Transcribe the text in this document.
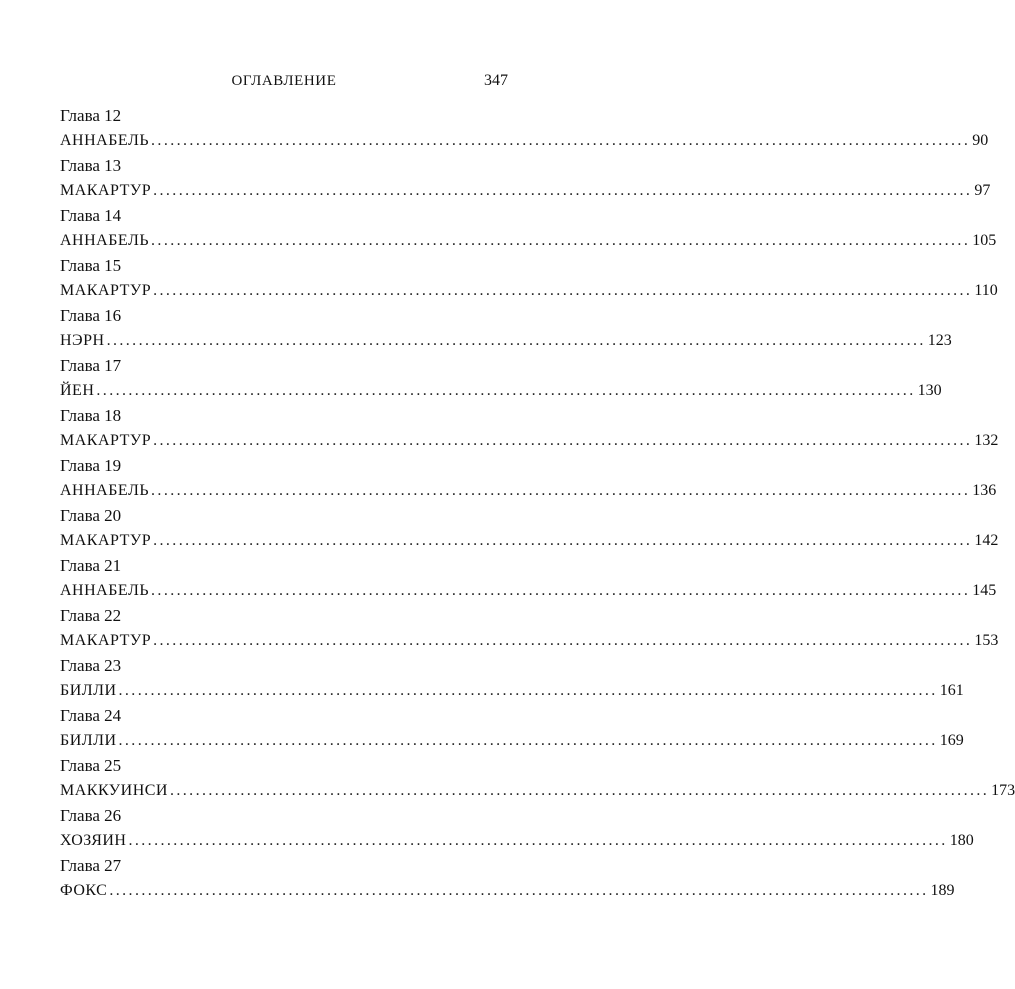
ОГЛАВЛЕНИЕ	347
Глава 12
АННАБЕЛЬ ................................................................................................................................ 90
Глава 13
МАКАРТУР ................................................................................................................................ 97
Глава 14
АННАБЕЛЬ ................................................................................................................................ 105
Глава 15
МАКАРТУР ................................................................................................................................ 110
Глава 16
НЭРН ................................................................................................................................ 123
Глава 17
ЙЕН ................................................................................................................................ 130
Глава 18
МАКАРТУР ................................................................................................................................ 132
Глава 19
АННАБЕЛЬ ................................................................................................................................ 136
Глава 20
МАКАРТУР ................................................................................................................................ 142
Глава 21
АННАБЕЛЬ ................................................................................................................................ 145
Глава 22
МАКАРТУР ................................................................................................................................ 153
Глава 23
БИЛЛИ ................................................................................................................................ 161
Глава 24
БИЛЛИ ................................................................................................................................ 169
Глава 25
МАККУИНСИ ................................................................................................................................ 173
Глава 26
ХОЗЯИН ................................................................................................................................ 180
Глава 27
ФОКС ................................................................................................................................ 189
